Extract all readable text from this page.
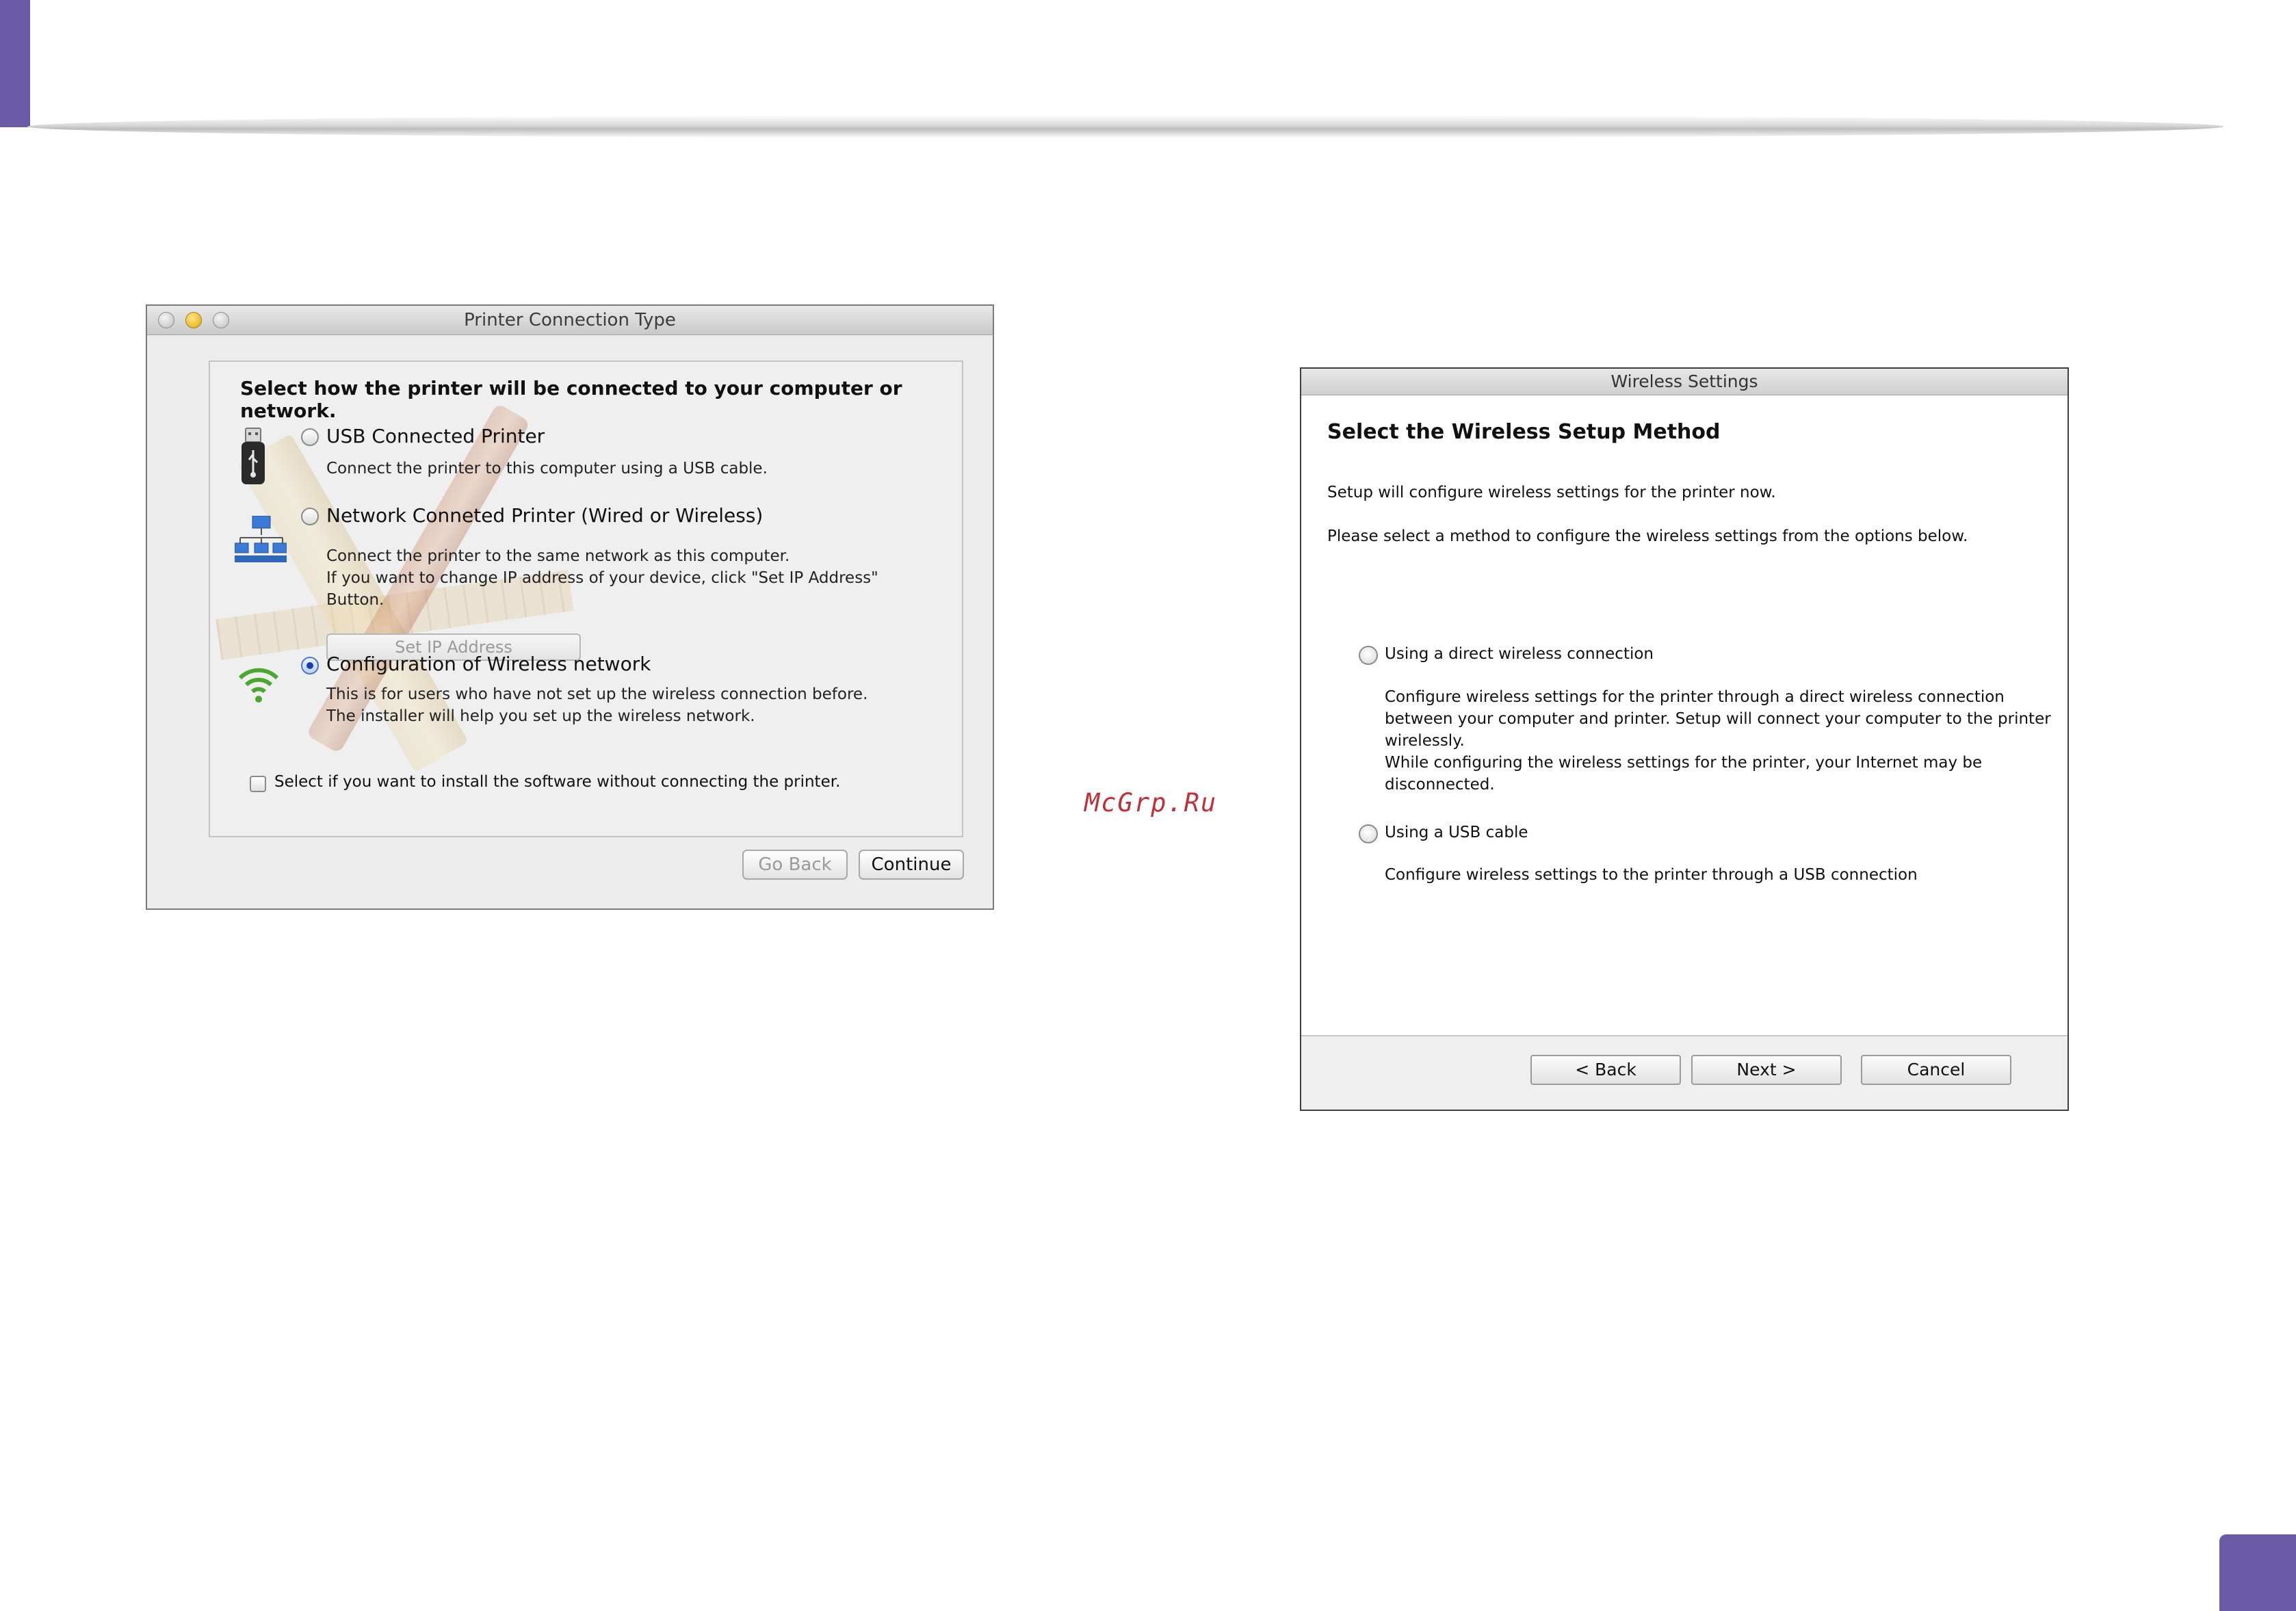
McGrp.Ru
Printer Connection Type
Select how the printer will be connected to your computer or network.
USB Connected Printer
Connect the printer to this computer using a USB cable.
Network Conneted Printer (Wired or Wireless)
Connect the printer to the same network as this computer.
If you want to change IP address of your device, click "Set IP Address"
Button.
Set IP Address
Configuration of Wireless network
This is for users who have not set up the wireless connection before.
The installer will help you set up the wireless network.
Select if you want to install the software without connecting the printer.
Go Back	Continue
Wireless Settings
Select the Wireless Setup Method
Setup will configure wireless settings for the printer now.
Please select a method to configure the wireless settings from the options below.
Using a direct wireless connection
Configure wireless settings for the printer through a direct wireless connection
between your computer and printer. Setup will connect your computer to the printer
wirelessly.
While configuring the wireless settings for the printer, your Internet may be
disconnected.
Using a USB cable
Configure wireless settings to the printer through a USB connection
< Back	Next >	Cancel
